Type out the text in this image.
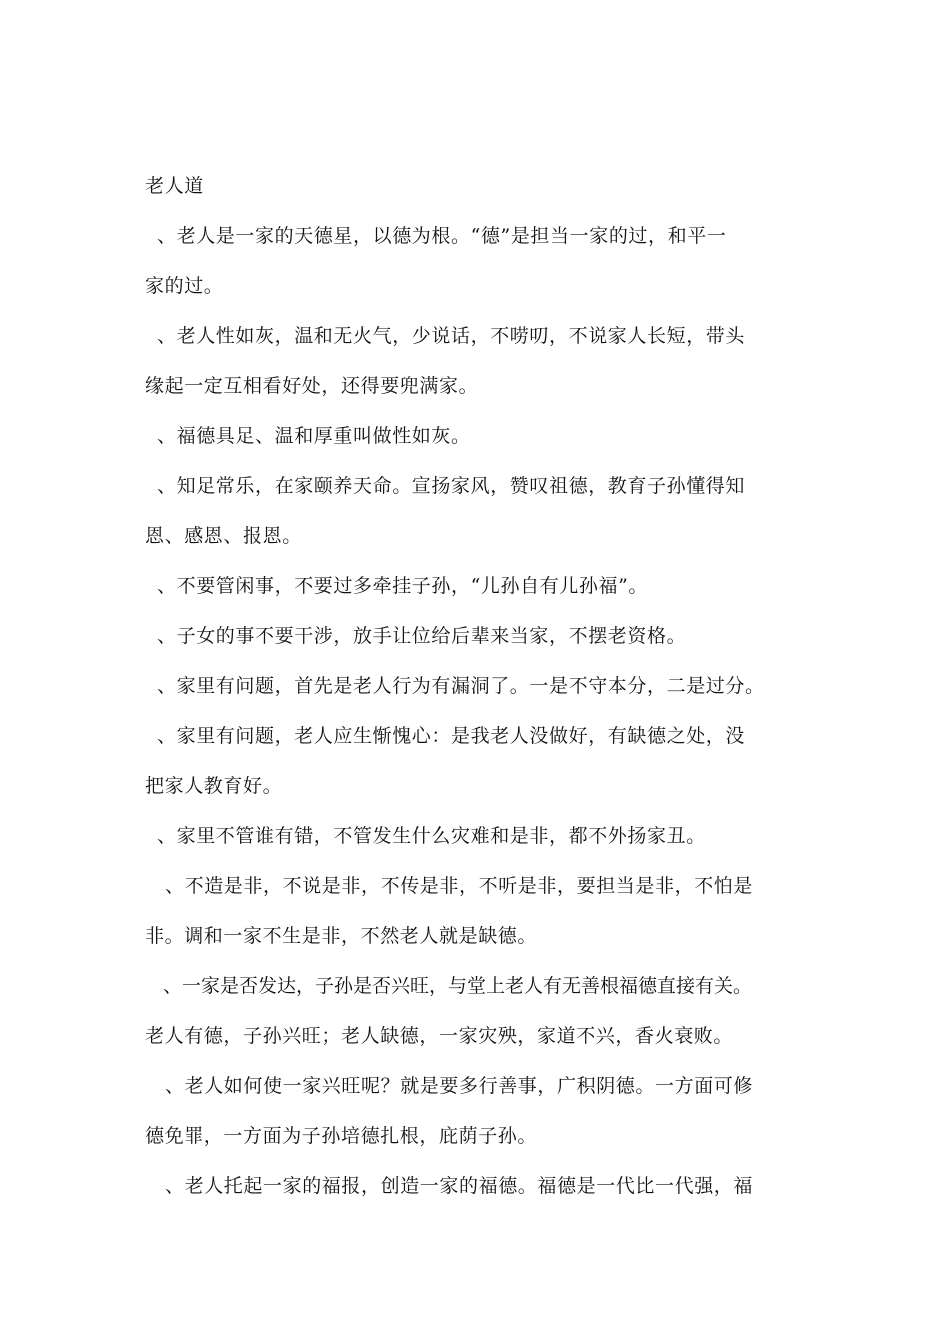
老人道
、老人是一家的天德星，以德为根。“德”是担当一家的过，和平一
家的过。
、老人性如灰，温和无火气，少说话，不唠叨，不说家人长短，带头
缘起一定互相看好处，还得要兜满家。
、福德具足、温和厚重叫做性如灰。
、知足常乐，在家颐养天命。宣扬家风，赞叹祖德，教育子孙懂得知
恩、感恩、报恩。
、不要管闲事，不要过多牵挂子孙，“儿孙自有儿孙福”。
、子女的事不要干涉，放手让位给后辈来当家，不摆老资格。
、家里有问题，首先是老人行为有漏洞了。一是不守本分，二是过分。
、家里有问题，老人应生惭愧心：是我老人没做好，有缺德之处，没
把家人教育好。
、家里不管谁有错，不管发生什么灾难和是非，都不外扬家丑。
、不造是非，不说是非，不传是非，不听是非，要担当是非，不怕是
非。调和一家不生是非，不然老人就是缺德。
、一家是否发达，子孙是否兴旺，与堂上老人有无善根福德直接有关。
老人有德，子孙兴旺；老人缺德，一家灾殃，家道不兴，香火衰败。
、老人如何使一家兴旺呢？就是要多行善事，广积阴德。一方面可修
德免罪，一方面为子孙培德扎根，庇荫子孙。
、老人托起一家的福报，创造一家的福德。福德是一代比一代强，福
